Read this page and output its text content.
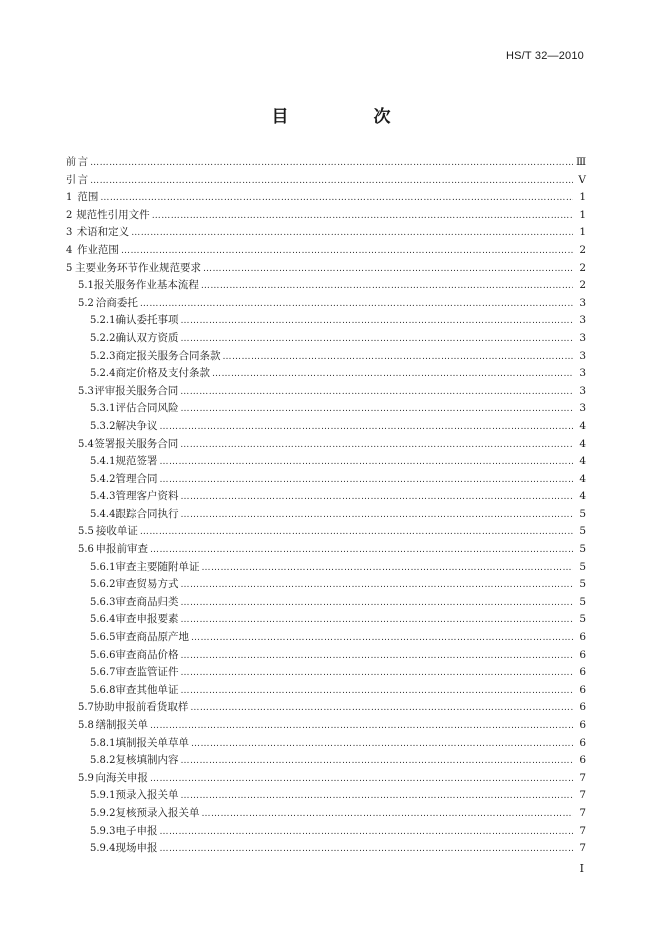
HS/T 32—2010
目　次
前 言 ……………………………………………………………………………………………………………………………………………………………………………………………………	Ⅲ
引 言 ……………………………………………………………………………………………………………………………………………………………………………………………………	Ⅴ
1 范围 ……………………………………………………………………………………………………………………………………………………………………………………………………	1
2 规范性引用文件 ……………………………………………………………………………………………………………………………………………………………………………………………………	1
3 术语和定义 ……………………………………………………………………………………………………………………………………………………………………………………………………	1
4 作业范围 ……………………………………………………………………………………………………………………………………………………………………………………………………	2
5 主要业务环节作业规范要求 ……………………………………………………………………………………………………………………………………………………………………………………………………	2
5.1 报关服务作业基本流程 ……………………………………………………………………………………………………………………………………………………………………………………………………	2
5.2 洽商委托 ……………………………………………………………………………………………………………………………………………………………………………………………………	3
5.2.1 确认委托事项 ……………………………………………………………………………………………………………………………………………………………………………………………………	3
5.2.2 确认双方资质 ……………………………………………………………………………………………………………………………………………………………………………………………………	3
5.2.3 商定报关服务合同条款 ……………………………………………………………………………………………………………………………………………………………………………………………………	3
5.2.4 商定价格及支付条款 ……………………………………………………………………………………………………………………………………………………………………………………………………	3
5.3 评审报关服务合同 ……………………………………………………………………………………………………………………………………………………………………………………………………	3
5.3.1 评估合同风险 ……………………………………………………………………………………………………………………………………………………………………………………………………	3
5.3.2 解决争议 ……………………………………………………………………………………………………………………………………………………………………………………………………	4
5.4 签署报关服务合同 ……………………………………………………………………………………………………………………………………………………………………………………………………	4
5.4.1 规范签署 ……………………………………………………………………………………………………………………………………………………………………………………………………	4
5.4.2 管理合同 ……………………………………………………………………………………………………………………………………………………………………………………………………	4
5.4.3 管理客户资料 ……………………………………………………………………………………………………………………………………………………………………………………………………	4
5.4.4 跟踪合同执行 ……………………………………………………………………………………………………………………………………………………………………………………………………	5
5.5 接收单证 ……………………………………………………………………………………………………………………………………………………………………………………………………	5
5.6 申报前审查 ……………………………………………………………………………………………………………………………………………………………………………………………………	5
5.6.1 审查主要随附单证 ……………………………………………………………………………………………………………………………………………………………………………………………………	5
5.6.2 审查贸易方式 ……………………………………………………………………………………………………………………………………………………………………………………………………	5
5.6.3 审查商品归类 ……………………………………………………………………………………………………………………………………………………………………………………………………	5
5.6.4 审查申报要素 ……………………………………………………………………………………………………………………………………………………………………………………………………	5
5.6.5 审查商品原产地 ……………………………………………………………………………………………………………………………………………………………………………………………………	6
5.6.6 审查商品价格 ……………………………………………………………………………………………………………………………………………………………………………………………………	6
5.6.7 审查监管证件 ……………………………………………………………………………………………………………………………………………………………………………………………………	6
5.6.8 审查其他单证 ……………………………………………………………………………………………………………………………………………………………………………………………………	6
5.7 协助申报前看货取样 ……………………………………………………………………………………………………………………………………………………………………………………………………	6
5.8 缮制报关单 ……………………………………………………………………………………………………………………………………………………………………………………………………	6
5.8.1 填制报关单草单 ……………………………………………………………………………………………………………………………………………………………………………………………………	6
5.8.2 复核填制内容 ……………………………………………………………………………………………………………………………………………………………………………………………………	6
5.9 向海关申报 ……………………………………………………………………………………………………………………………………………………………………………………………………	7
5.9.1 预录入报关单 ……………………………………………………………………………………………………………………………………………………………………………………………………	7
5.9.2 复核预录入报关单 ……………………………………………………………………………………………………………………………………………………………………………………………………	7
5.9.3 电子申报 ……………………………………………………………………………………………………………………………………………………………………………………………………	7
5.9.4 现场申报 ……………………………………………………………………………………………………………………………………………………………………………………………………	7
Ⅰ
